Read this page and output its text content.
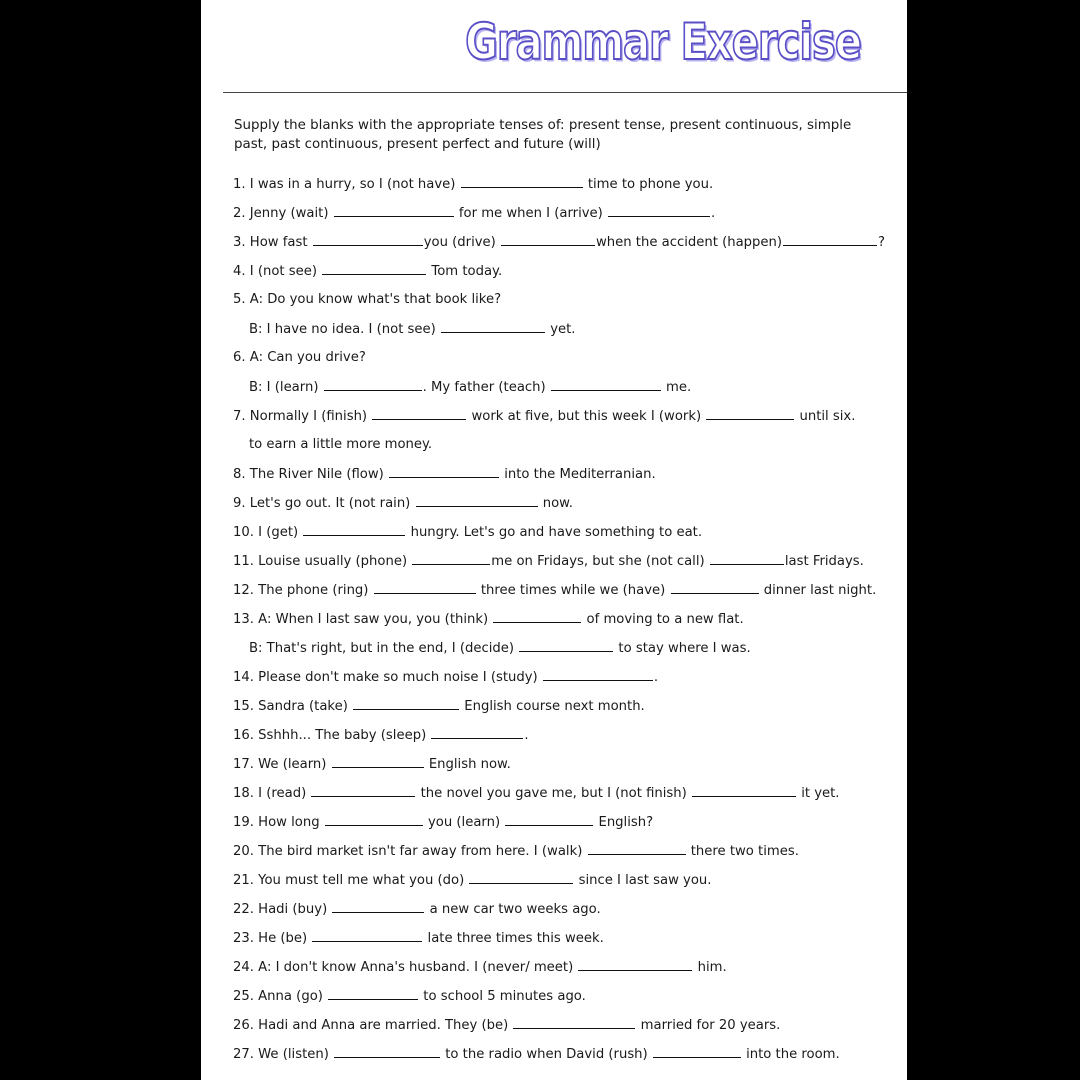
Grammar Exercise
Supply the blanks with the appropriate tenses of: present tense, present continuous, simple past, past continuous, present perfect and future (will)
1. I was in a hurry, so I (not have)	time to phone you.
2. Jenny (wait)	for me when I (arrive)	.
3. How fast	you (drive)	when the accident (happen)	?
4. I (not see)	Tom today.
5. A: Do you know what's that book like?
B: I have no idea. I (not see)	yet.
6. A: Can you drive?
B: I (learn)	. My father (teach)	me.
7. Normally I (finish)	work at five, but this week I (work)	until six.
to earn a little more money.
8. The River Nile (flow)	into the Mediterranian.
9. Let's go out. It (not rain)	now.
10. I (get)	hungry. Let's go and have something to eat.
11. Louise usually (phone)	me on Fridays, but she (not call)	last Fridays.
12. The phone (ring)	three times while we (have)	dinner last night.
13. A: When I last saw you, you (think)	of moving to a new flat.
B: That's right, but in the end, I (decide)	to stay where I was.
14. Please don't make so much noise I (study)	.
15. Sandra (take)	English course next month.
16. Sshhh... The baby (sleep)	.
17. We (learn)	English now.
18. I (read)	the novel you gave me, but I (not finish)	it yet.
19. How long	you (learn)	English?
20. The bird market isn't far away from here. I (walk)	there two times.
21. You must tell me what you (do)	since I last saw you.
22. Hadi (buy)	a new car two weeks ago.
23. He (be)	late three times this week.
24. A: I don't know Anna's husband. I (never/ meet)	him.
25. Anna (go)	to school 5 minutes ago.
26. Hadi and Anna are married. They (be)	married for 20 years.
27. We (listen)	to the radio when David (rush)	into the room.
